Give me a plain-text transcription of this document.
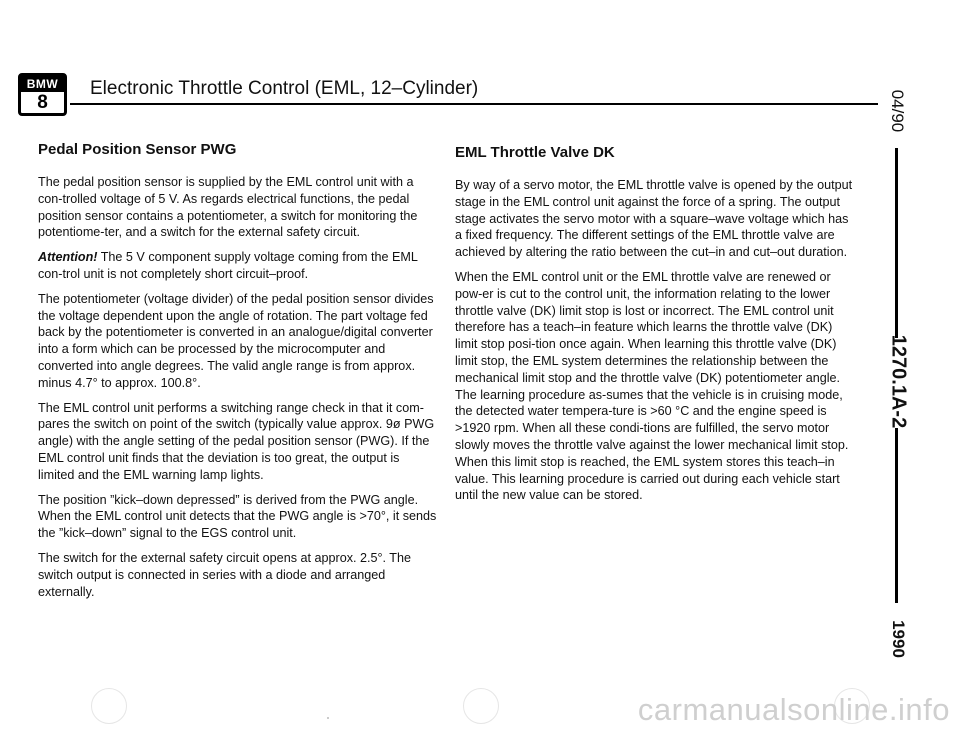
BMW
8
Electronic Throttle Control (EML, 12–Cylinder)
04/90
1270.1A-2
1990
Pedal Position Sensor PWG

The pedal position sensor is supplied by the EML control unit with a con-trolled voltage of 5 V. As regards electrical functions, the pedal position sensor contains a potentiometer, a switch for monitoring the potentiome-ter, and a switch for the external safety circuit.

Attention! The 5 V component supply voltage coming from the EML con-trol unit is not completely short circuit–proof.

The potentiometer (voltage divider) of the pedal position sensor divides the voltage dependent upon the angle of rotation. The part voltage fed back by the potentiometer is converted in an analogue/digital converter into a form which can be processed by the microcomputer and converted into angle degrees. The valid angle range is from approx. minus 4.7° to approx. 100.8°.

The EML control unit performs a switching range check in that it com-pares the switch on point of the switch (typically value approx. 9ø PWG angle) with the angle setting of the pedal position sensor (PWG). If the EML control unit finds that the deviation is too great, the output is limited and the EML warning lamp lights.

The position ”kick–down depressed” is derived from the PWG angle. When the EML control unit detects that the PWG angle is >70°, it sends the ”kick–down” signal to the EGS control unit.

The switch for the external safety circuit opens at approx. 2.5°. The switch output is connected in series with a diode and arranged externally.

EML Throttle Valve DK

By way of a servo motor, the EML throttle valve is opened by the output stage in the EML control unit against the force of a spring. The output stage activates the servo motor with a square–wave voltage which has a fixed frequency. The different settings of the EML throttle valve are achieved by altering the ratio between the cut–in and cut–out duration.

When the EML control unit or the EML throttle valve are renewed or pow-er is cut to the control unit, the information relating to the lower throttle valve (DK) limit stop is lost or incorrect. The EML control unit therefore has a teach–in feature which learns the throttle valve (DK) limit stop posi-tion once again. When learning this throttle valve (DK) limit stop, the EML system determines the relationship between the mechanical limit stop and the throttle valve (DK) potentiometer angle. The learning procedure as-sumes that the vehicle is in cruising mode, the detected water tempera-ture is >60 °C and the engine speed is >1920 rpm. When all these condi-tions are fulfilled, the servo motor slowly moves the throttle valve against the lower mechanical limit stop. When this limit stop is reached, the EML system stores this teach–in value. This learning procedure is carried out during each vehicle start until the new value can be stored.

carmanualsonline.info
